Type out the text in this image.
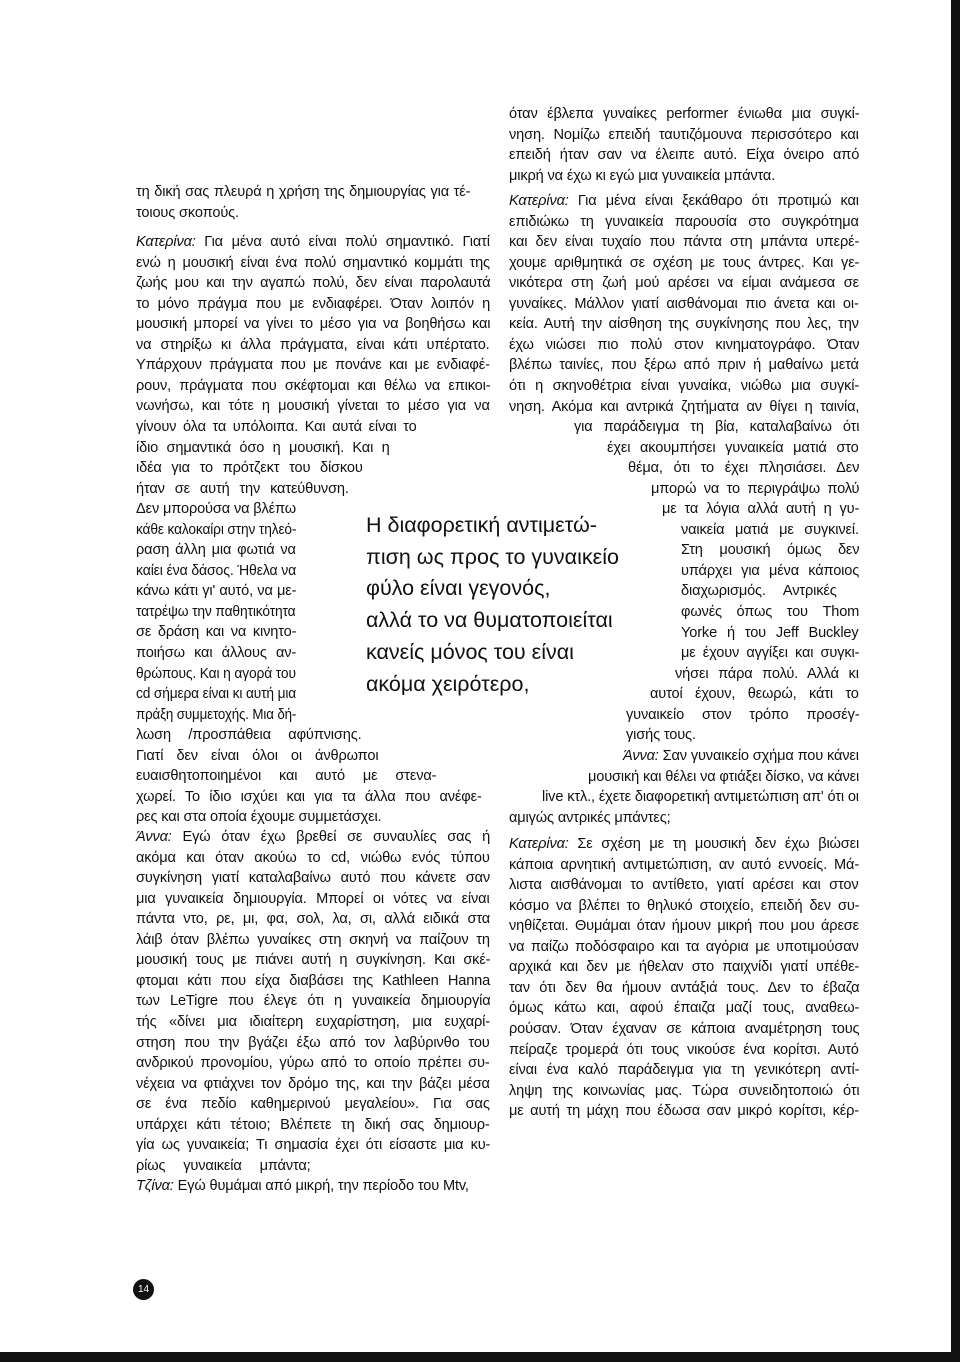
τη δική σας πλευρά η χρήση της δημιουργίας για τέ-
τοιους σκοπούς.
Κατερίνα: Για μένα αυτό είναι πολύ σημαντικό. Γιατί
ενώ η μουσική είναι ένα πολύ σημαντικό κομμάτι της
ζωής μου και την αγαπώ πολύ, δεν είναι παρολαυτά
το μόνο πράγμα που με ενδιαφέρει. Όταν λοιπόν η
μουσική μπορεί να γίνει το μέσο για να βοηθήσω και
να στηρίξω κι άλλα πράγματα, είναι κάτι υπέρτατο.
Υπάρχουν πράγματα που με πονάνε και με ενδιαφέ-
ρουν, πράγματα που σκέφτομαι και θέλω να επικοι-
νωνήσω, και τότε η μουσική γίνεται το μέσο για να
γίνουν όλα τα υπόλοιπα. Και αυτά είναι το
ίδιο σημαντικά όσο η μουσική. Και η
ιδέα για το πρότζεκτ του δίσκου
ήταν σε αυτή την κατεύθυνση.
Δεν μπορούσα να βλέπω
κάθε καλοκαίρι στην τηλεό-
ραση άλλη μια φωτιά να
καίει ένα δάσος. Ήθελα να
κάνω κάτι γι' αυτό, να με-
τατρέψω την παθητικότητα
σε δράση και να κινητο-
ποιήσω και άλλους αν-
θρώπους. Και η αγορά του
cd σήμερα είναι κι αυτή μια
πράξη συμμετοχής. Μια δή-
λωση /προσπάθεια αφύπνισης.
Γιατί δεν είναι όλοι οι άνθρωποι
ευαισθητοποιημένοι και αυτό με στενα-
χωρεί. Το ίδιο ισχύει και για τα άλλα που ανέφε-
ρες και στα οποία έχουμε συμμετάσχει.
Άννα: Εγώ όταν έχω βρεθεί σε συναυλίες σας ή
ακόμα και όταν ακούω το cd, νιώθω ενός τύπου
συγκίνηση γιατί καταλαβαίνω αυτό που κάνετε σαν
μια γυναικεία δημιουργία. Μπορεί οι νότες να είναι
πάντα ντο, ρε, μι, φα, σολ, λα, σι, αλλά ειδικά στα
λάιβ όταν βλέπω γυναίκες στη σκηνή να παίζουν τη
μουσική τους με πιάνει αυτή η συγκίνηση. Και σκέ-
φτομαι κάτι που είχα διαβάσει της Kathleen Hanna
των LeTigre που έλεγε ότι η γυναικεία δημιουργία
τής «δίνει μια ιδιαίτερη ευχαρίστηση, μια ευχαρί-
στηση που την βγάζει έξω από τον λαβύρινθο του
ανδρικού προνομίου, γύρω από το οποίο πρέπει συ-
νέχεια να φτιάχνει τον δρόμο της, και την βάζει μέσα
σε ένα πεδίο καθημερινού μεγαλείου». Για σας
υπάρχει κάτι τέτοιο; Βλέπετε τη δική σας δημιουρ-
γία ως γυναικεία; Τι σημασία έχει ότι είσαστε μια κυ-
ρίως γυναικεία μπάντα;
Τζίνα: Εγώ θυμάμαι από μικρή, την περίοδο του Mtv,
όταν έβλεπα γυναίκες performer ένιωθα μια συγκί-
νηση. Νομίζω επειδή ταυτιζόμουνα περισσότερο και
επειδή ήταν σαν να έλειπε αυτό. Είχα όνειρο από
μικρή να έχω κι εγώ μια γυναικεία μπάντα.
Κατερίνα: Για μένα είναι ξεκάθαρο ότι προτιμώ και
επιδιώκω τη γυναικεία παρουσία στο συγκρότημα
και δεν είναι τυχαίο που πάντα στη μπάντα υπερέ-
χουμε αριθμητικά σε σχέση με τους άντρες. Και γε-
νικότερα στη ζωή μού αρέσει να είμαι ανάμεσα σε
γυναίκες. Μάλλον γιατί αισθάνομαι πιο άνετα και οι-
κεία. Αυτή την αίσθηση της συγκίνησης που λες, την
έχω νιώσει πιο πολύ στον κινηματογράφο. Όταν
βλέπω ταινίες, που ξέρω από πριν ή μαθαίνω μετά
ότι η σκηνοθέτρια είναι γυναίκα, νιώθω μια συγκί-
νηση. Ακόμα και αντρικά ζητήματα αν θίγει η ταινία,
για παράδειγμα τη βία, καταλαβαίνω ότι
έχει ακουμπήσει γυναικεία ματιά στο
θέμα, ότι το έχει πλησιάσει. Δεν
μπορώ να το περιγράψω πολύ
με τα λόγια αλλά αυτή η γυ-
ναικεία ματιά με συγκινεί.
Στη μουσική όμως δεν
υπάρχει για μένα κάποιος
διαχωρισμός. Αντρικές
φωνές όπως του Thom
Yorke ή του Jeff Buckley
με έχουν αγγίξει και συγκι-
νήσει πάρα πολύ. Αλλά κι
αυτοί έχουν, θεωρώ, κάτι το
γυναικείο στον τρόπο προσέγ-
γισής τους.
Άννα: Σαν γυναικείο σχήμα που κάνει
μουσική και θέλει να φτιάξει δίσκο, να κάνει
live κτλ., έχετε διαφορετική αντιμετώπιση απ' ότι οι
αμιγώς αντρικές μπάντες;
Κατερίνα: Σε σχέση με τη μουσική δεν έχω βιώσει
κάποια αρνητική αντιμετώπιση, αν αυτό εννοείς. Μά-
λιστα αισθάνομαι το αντίθετο, γιατί αρέσει και στον
κόσμο να βλέπει το θηλυκό στοιχείο, επειδή δεν συ-
νηθίζεται. Θυμάμαι όταν ήμουν μικρή που μου άρεσε
να παίζω ποδόσφαιρο και τα αγόρια με υποτιμούσαν
αρχικά και δεν με ήθελαν στο παιχνίδι γιατί υπέθε-
ταν ότι δεν θα ήμουν αντάξιά τους. Δεν το έβαζα
όμως κάτω και, αφού έπαιζα μαζί τους, αναθεω-
ρούσαν. Όταν έχαναν σε κάποια αναμέτρηση τους
πείραζε τρομερά ότι τους νικούσε ένα κορίτσι. Αυτό
είναι ένα καλό παράδειγμα για τη γενικότερη αντί-
ληψη της κοινωνίας μας. Τώρα συνειδητοποιώ ότι
με αυτή τη μάχη που έδωσα σαν μικρό κορίτσι, κέρ-
Η διαφορετική αντιμετώ-
πιση ως προς το γυναικείο
φύλο είναι γεγονός,
αλλά το να θυματοποιείται
κανείς μόνος του είναι
ακόμα χειρότερο,
14
